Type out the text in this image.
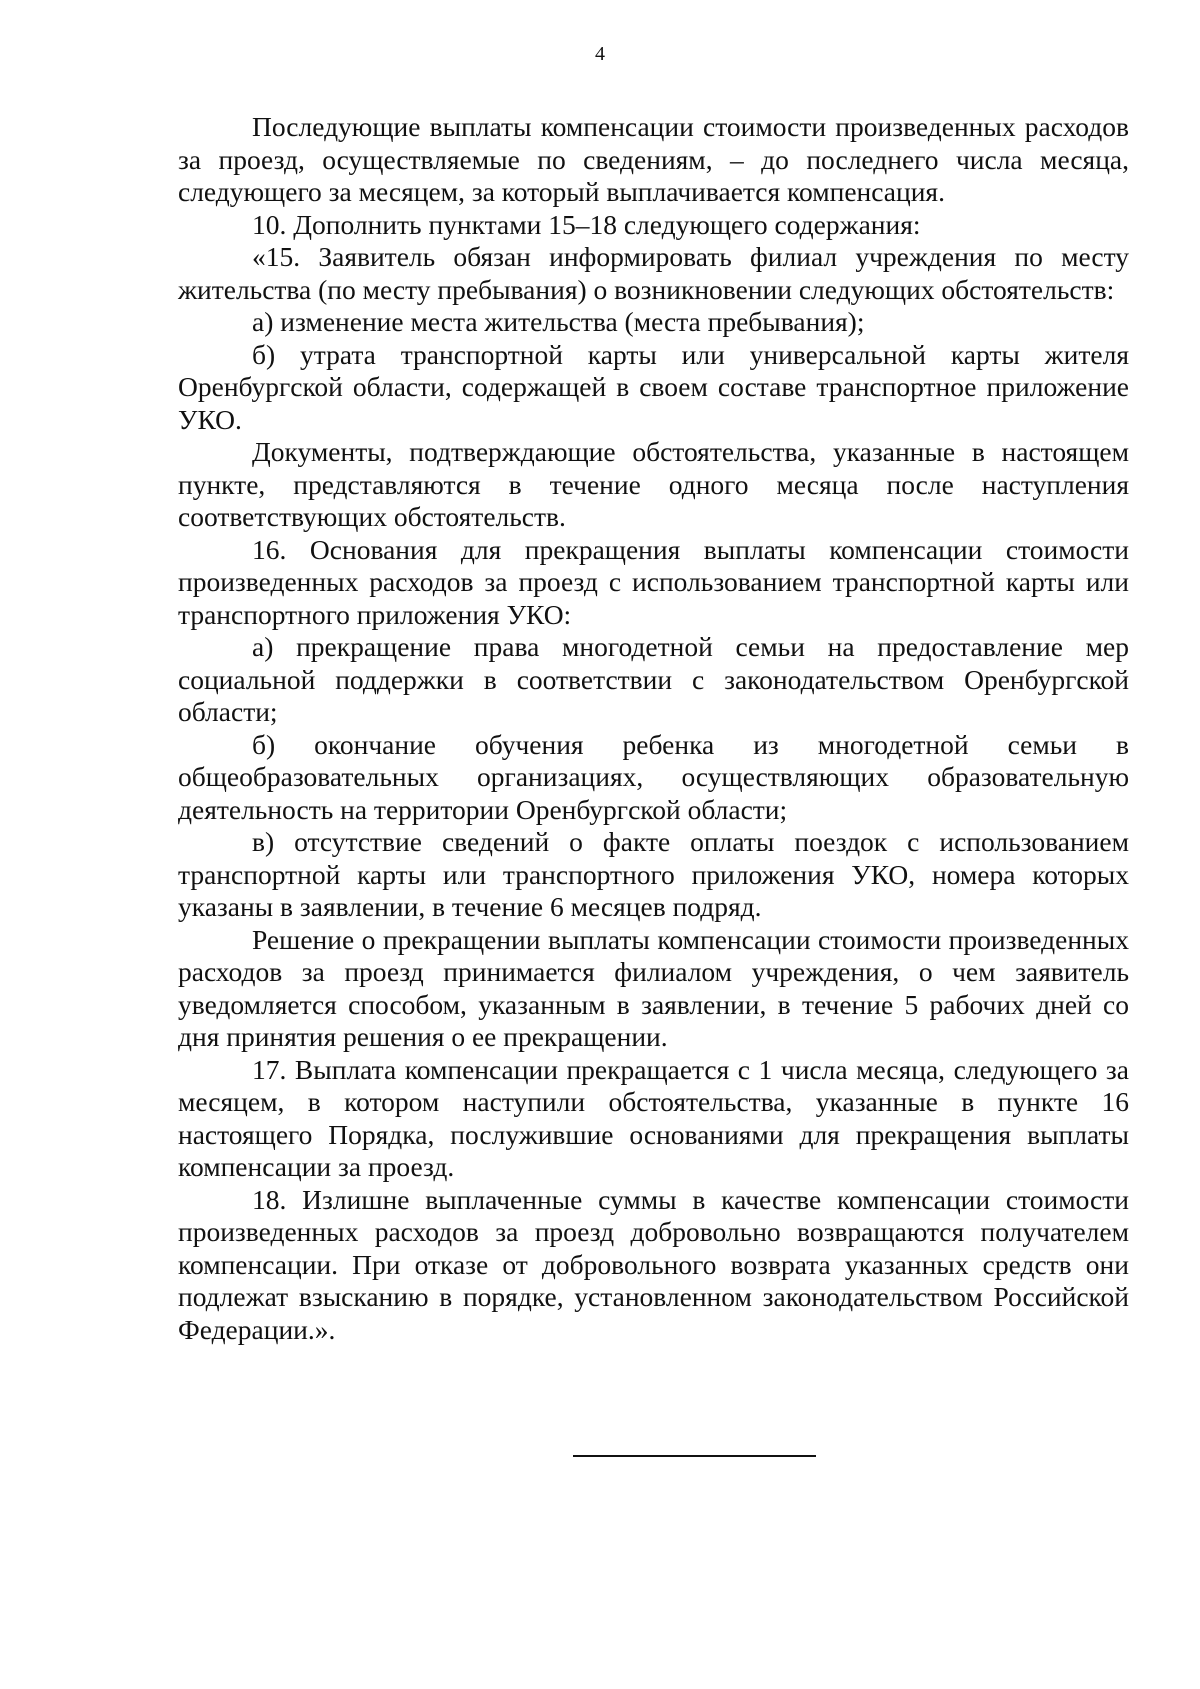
4

Последующие выплаты компенсации стоимости произведенных расходов за проезд, осуществляемые по сведениям, – до последнего числа месяца, следующего за месяцем, за который выплачивается компенсация.

10. Дополнить пунктами 15–18 следующего содержания:

«15. Заявитель обязан информировать филиал учреждения по месту жительства (по месту пребывания) о возникновении следующих обстоятельств:

а) изменение места жительства (места пребывания);

б) утрата транспортной карты или универсальной карты жителя Оренбургской области, содержащей в своем составе транспортное приложение УКО.

Документы, подтверждающие обстоятельства, указанные в настоящем пункте, представляются в течение одного месяца после наступления соответствующих обстоятельств.

16. Основания для прекращения выплаты компенсации стоимости произведенных расходов за проезд с использованием транспортной карты или транспортного приложения УКО:

а) прекращение права многодетной семьи на предоставление мер социальной поддержки в соответствии с законодательством Оренбургской области;

б) окончание обучения ребенка из многодетной семьи в общеобразовательных организациях, осуществляющих образовательную деятельность на территории Оренбургской области;

в) отсутствие сведений о факте оплаты поездок с использованием транспортной карты или транспортного приложения УКО, номера которых указаны в заявлении, в течение 6 месяцев подряд.

Решение о прекращении выплаты компенсации стоимости произведенных расходов за проезд принимается филиалом учреждения, о чем заявитель уведомляется способом, указанным в заявлении, в течение 5 рабочих дней со дня принятия решения о ее прекращении.

17. Выплата компенсации прекращается с 1 числа месяца, следующего за месяцем, в котором наступили обстоятельства, указанные в пункте 16 настоящего Порядка, послужившие основаниями для прекращения выплаты компенсации за проезд.

18. Излишне выплаченные суммы в качестве компенсации стоимости произведенных расходов за проезд добровольно возвращаются получателем компенсации. При отказе от добровольного возврата указанных средств они подлежат взысканию в порядке, установленном законодательством Российской Федерации.».
